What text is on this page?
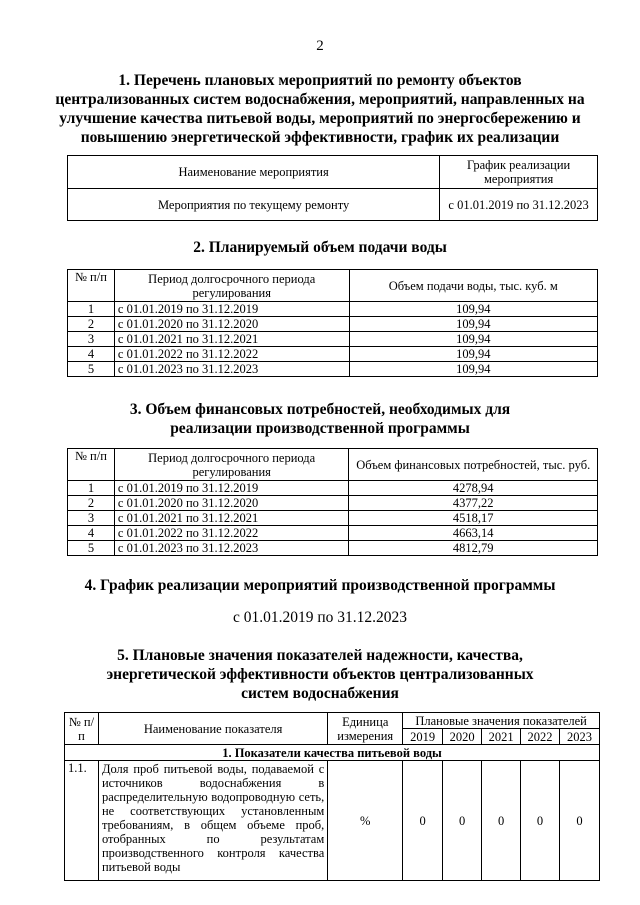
2
1. Перечень плановых мероприятий по ремонту объектов
централизованных систем водоснабжения, мероприятий, направленных на
улучшение качества питьевой воды, мероприятий по энергосбережению и
повышению энергетической эффективности, график их реализации
Наименование мероприятия	График реализации мероприятия
Мероприятия по текущему ремонту	с 01.01.2019 по 31.12.2023
2. Планируемый объем подачи воды
№ п/п	Период долгосрочного периода регулирования	Объем подачи воды, тыс. куб. м
1	с 01.01.2019 по 31.12.2019	109,94
2	с 01.01.2020 по 31.12.2020	109,94
3	с 01.01.2021 по 31.12.2021	109,94
4	с 01.01.2022 по 31.12.2022	109,94
5	с 01.01.2023 по 31.12.2023	109,94
3. Объем финансовых потребностей, необходимых для
реализации производственной программы
№ п/п	Период долгосрочного периода регулирования	Объем финансовых потребностей, тыс. руб.
1	с 01.01.2019 по 31.12.2019	4278,94
2	с 01.01.2020 по 31.12.2020	4377,22
3	с 01.01.2021 по 31.12.2021	4518,17
4	с 01.01.2022 по 31.12.2022	4663,14
5	с 01.01.2023 по 31.12.2023	4812,79
4. График реализации мероприятий производственной программы
с 01.01.2019 по 31.12.2023
5. Плановые значения показателей надежности, качества,
энергетической эффективности объектов централизованных
систем водоснабжения
№ п/п	Наименование показателя	Единица измерения	Плановые значения показателей				
			2019	2020	2021	2022	2023
1. Показатели качества питьевой воды							
1.1.	Доля проб питьевой воды, подаваемой с источников водоснабжения в распределительную водопроводную сеть, не соответствующих установленным требованиям, в общем объеме проб, отобранных по результатам производственного контроля качества питьевой воды	%	0	0	0	0	0
